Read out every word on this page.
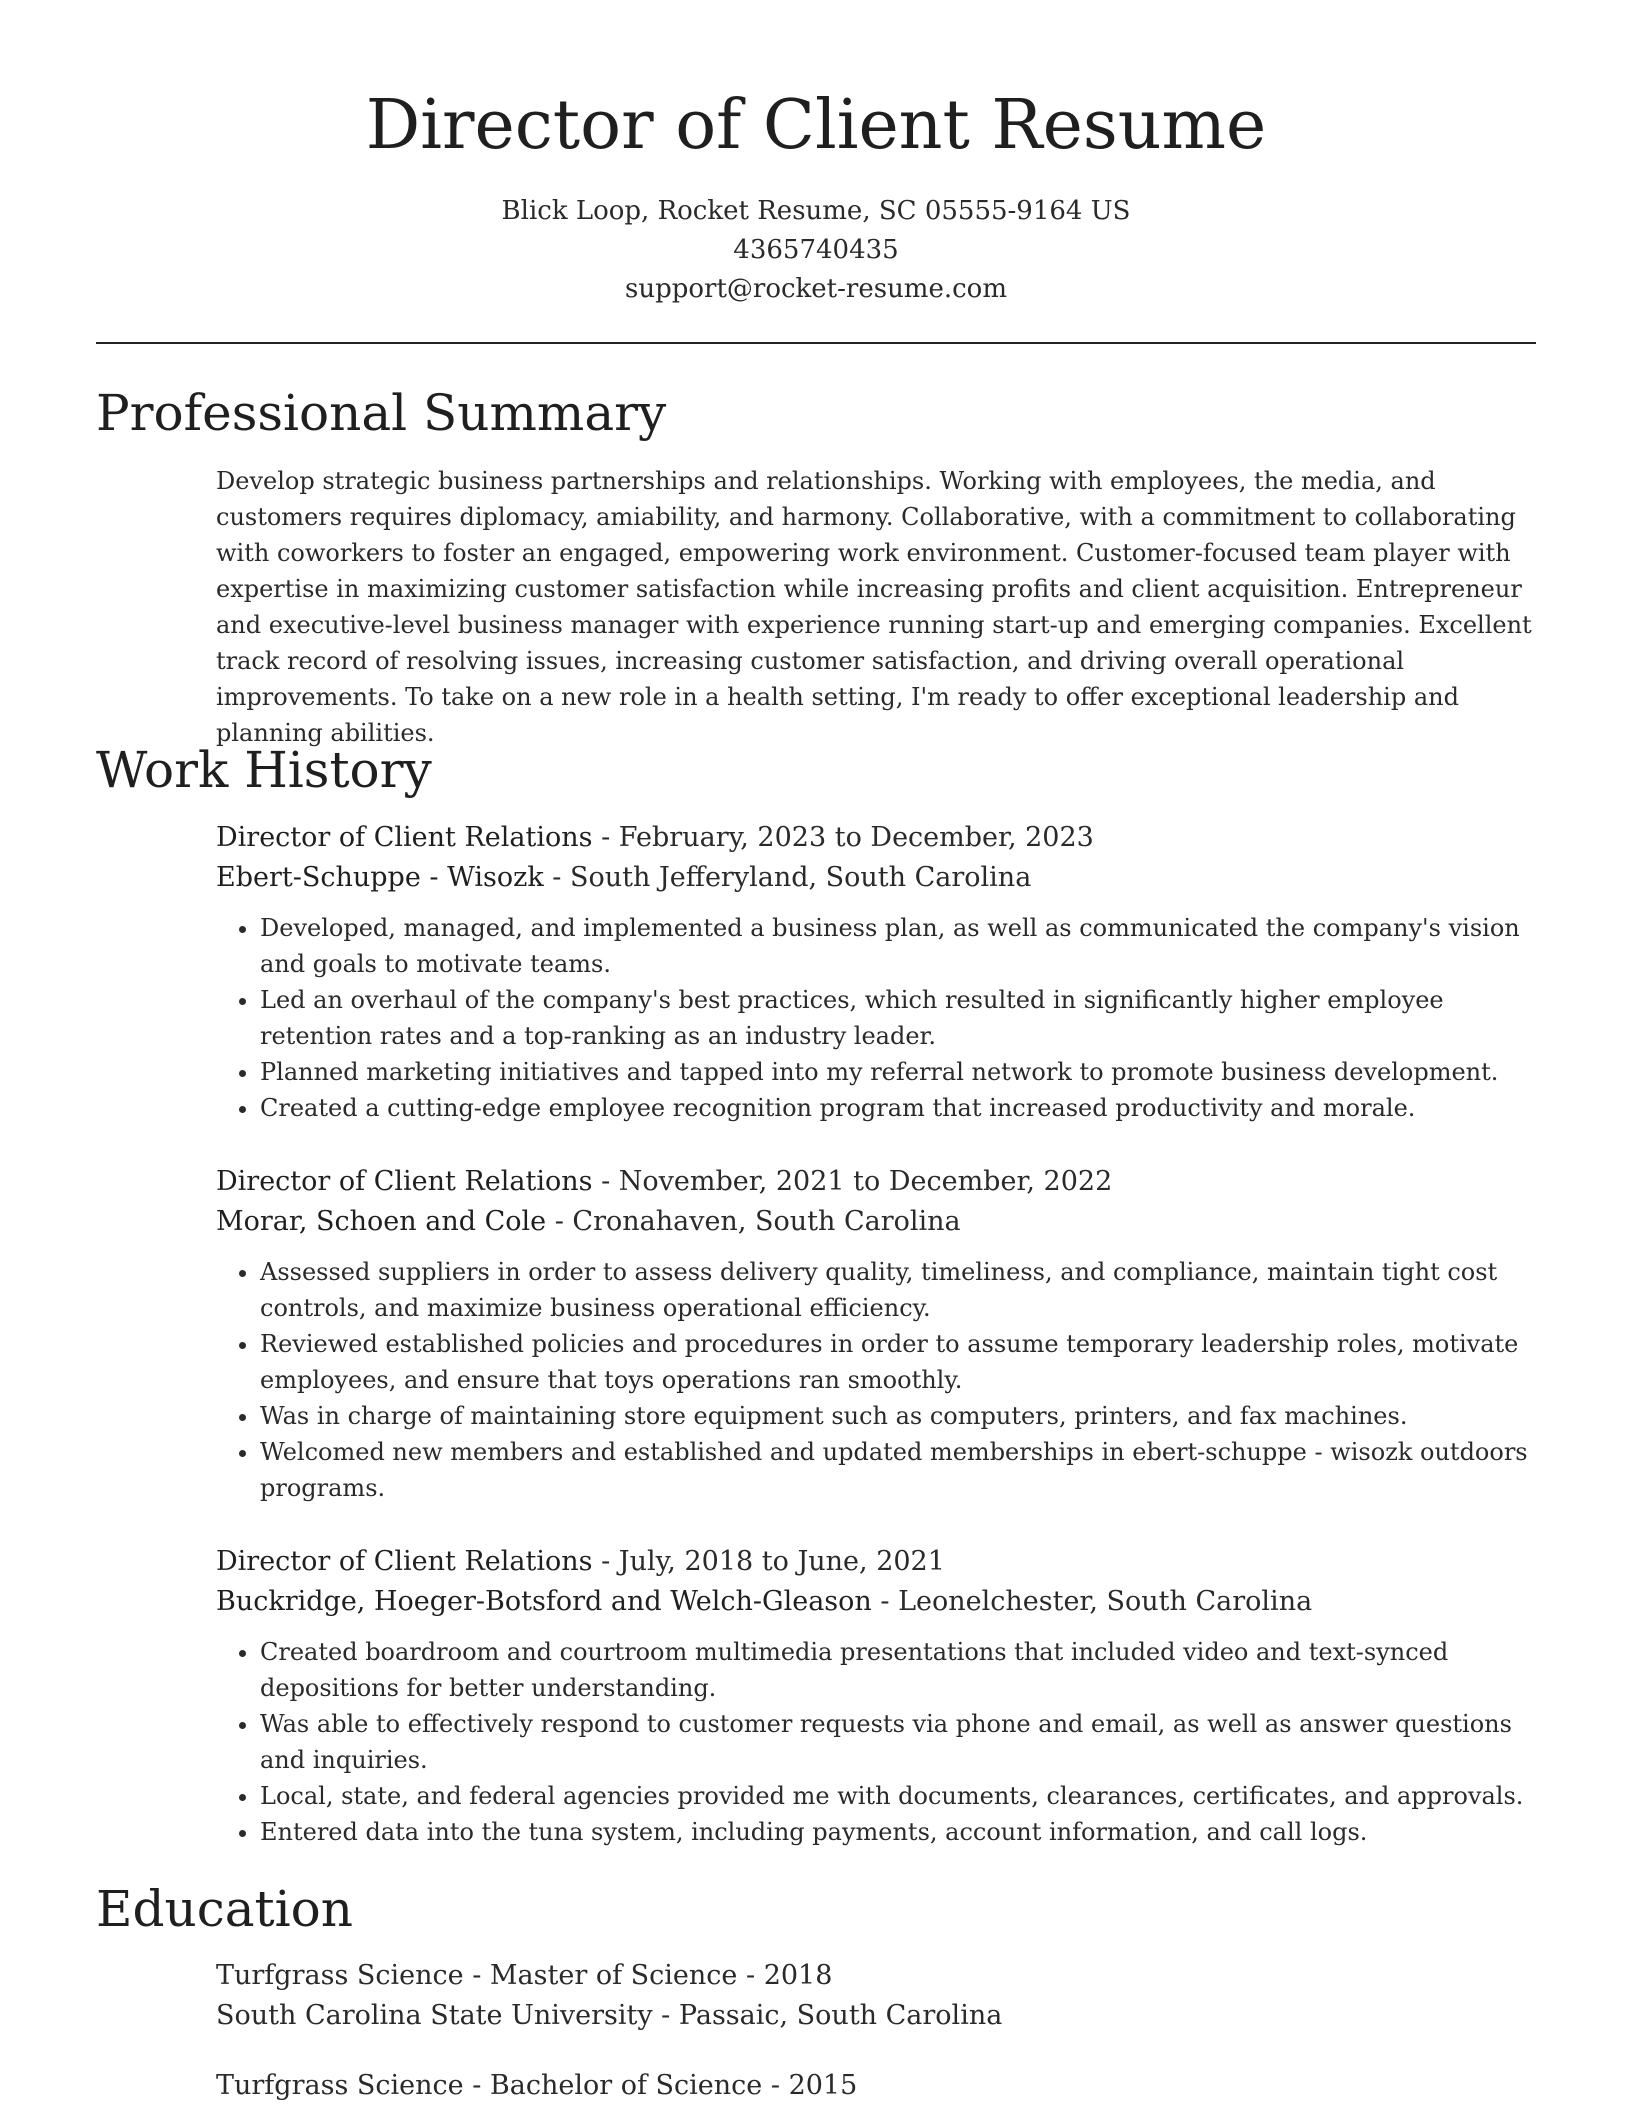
Director of Client Resume
Blick Loop, Rocket Resume, SC 05555-9164 US
4365740435
support@rocket-resume.com
Professional Summary
Develop strategic business partnerships and relationships. Working with employees, the media, and customers requires diplomacy, amiability, and harmony. Collaborative, with a commitment to collaborating with coworkers to foster an engaged, empowering work environment. Customer-focused team player with expertise in maximizing customer satisfaction while increasing profits and client acquisition. Entrepreneur and executive-level business manager with experience running start-up and emerging companies. Excellent track record of resolving issues, increasing customer satisfaction, and driving overall operational improvements. To take on a new role in a health setting, I'm ready to offer exceptional leadership and planning abilities.
Work History
Director of Client Relations - February, 2023 to December, 2023
Ebert-Schuppe - Wisozk - South Jefferyland, South Carolina
• Developed, managed, and implemented a business plan, as well as communicated the company's vision and goals to motivate teams.
• Led an overhaul of the company's best practices, which resulted in significantly higher employee retention rates and a top-ranking as an industry leader.
• Planned marketing initiatives and tapped into my referral network to promote business development.
• Created a cutting-edge employee recognition program that increased productivity and morale.
Director of Client Relations - November, 2021 to December, 2022
Morar, Schoen and Cole - Cronahaven, South Carolina
• Assessed suppliers in order to assess delivery quality, timeliness, and compliance, maintain tight cost controls, and maximize business operational efficiency.
• Reviewed established policies and procedures in order to assume temporary leadership roles, motivate employees, and ensure that toys operations ran smoothly.
• Was in charge of maintaining store equipment such as computers, printers, and fax machines.
• Welcomed new members and established and updated memberships in ebert-schuppe - wisozk outdoors programs.
Director of Client Relations - July, 2018 to June, 2021
Buckridge, Hoeger-Botsford and Welch-Gleason - Leonelchester, South Carolina
• Created boardroom and courtroom multimedia presentations that included video and text-synced depositions for better understanding.
• Was able to effectively respond to customer requests via phone and email, as well as answer questions and inquiries.
• Local, state, and federal agencies provided me with documents, clearances, certificates, and approvals.
• Entered data into the tuna system, including payments, account information, and call logs.
Education
Turfgrass Science - Master of Science - 2018
South Carolina State University - Passaic, South Carolina
Turfgrass Science - Bachelor of Science - 2015
